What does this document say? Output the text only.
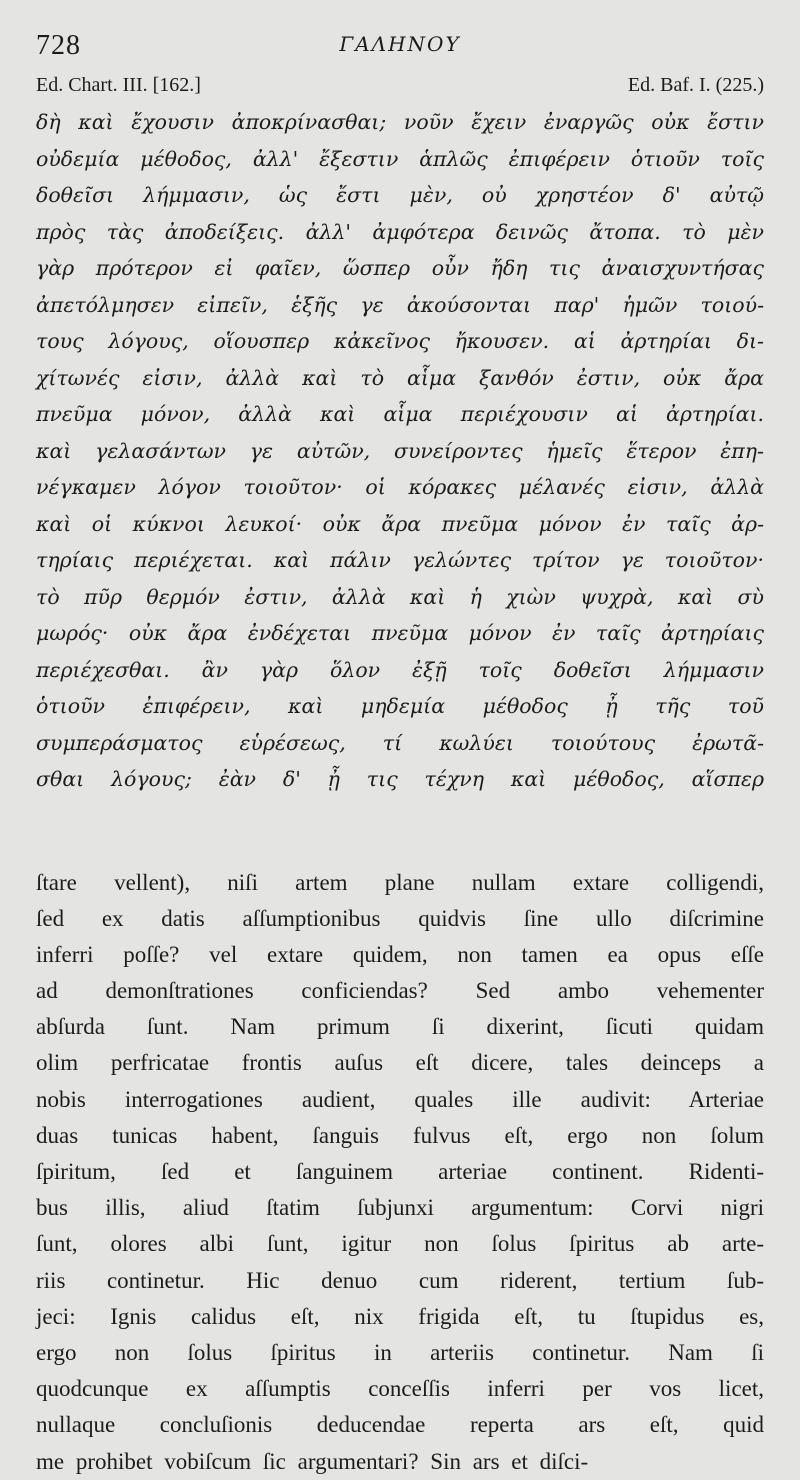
728	ΓΑΛΗΝΟΥ
Ed. Chart. III. [162.]	Ed. Baf. I. (225.)
δὴ καὶ ἔχουσιν ἀποκρίνασθαι; νοῦν ἔχειν ἐναργῶς οὐκ ἔστιν
οὐδεμία μέθοδος, ἀλλ' ἔξεστιν ἁπλῶς ἐπιφέρειν ὁτιοῦν τοῖς
δοθεῖσι λήμμασιν, ὡς ἔστι μὲν, οὐ χρηστέον δ' αὐτῷ
πρὸς τὰς ἀποδείξεις. ἀλλ' ἀμφότερα δεινῶς ἄτοπα. τὸ μὲν
γὰρ πρότερον εἰ φαῖεν, ὥσπερ οὖν ἤδη τις ἀναισχυντήσας
ἀπετόλμησεν εἰπεῖν, ἑξῆς γε ἀκούσονται παρ' ἡμῶν τοιού-
τους λόγους, οἵουσπερ κἀκεῖνος ἤκουσεν. αἱ ἀρτηρίαι δι-
χίτωνές εἰσιν, ἀλλὰ καὶ τὸ αἷμα ξανθόν ἐστιν, οὐκ ἄρα
πνεῦμα μόνον, ἀλλὰ καὶ αἷμα περιέχουσιν αἱ ἀρτηρίαι.
καὶ γελασάντων γε αὐτῶν, συνείροντες ἡμεῖς ἕτερον ἐπη-
νέγκαμεν λόγον τοιοῦτον· οἱ κόρακες μέλανές εἰσιν, ἀλλὰ
καὶ οἱ κύκνοι λευκοί· οὐκ ἄρα πνεῦμα μόνον ἐν ταῖς ἀρ-
τηρίαις περιέχεται. καὶ πάλιν γελώντες τρίτον γε τοιοῦτον·
τὸ πῦρ θερμόν ἐστιν, ἀλλὰ καὶ ἡ χιὼν ψυχρὰ, καὶ σὺ
μωρός· οὐκ ἄρα ἐνδέχεται πνεῦμα μόνον ἐν ταῖς ἀρτηρίαις
περιέχεσθαι. ἂν γὰρ ὅλον ἐξῇ τοῖς δοθεῖσι λήμμασιν
ὁτιοῦν ἐπιφέρειν, καὶ μηδεμία μέθοδος ᾖ τῆς τοῦ
συμπεράσματος εὑρέσεως, τί κωλύει τοιούτους ἐρωτᾶ-
σθαι λόγους; ἐὰν δ' ᾖ τις τέχνη καὶ μέθοδος, αἵσπερ
ſtare vellent), niſi artem plane nullam extare colligendi,
ſed ex datis aſſumptionibus quidvis ſine ullo diſcrimine
inferri poſſe? vel extare quidem, non tamen ea opus eſſe
ad demonſtrationes conficiendas? Sed ambo vehementer
abſurda ſunt. Nam primum ſi dixerint, ſicuti quidam
olim perfricatae frontis auſus eſt dicere, tales deinceps a
nobis interrogationes audient, quales ille audivit: Arteriae
duas tunicas habent, ſanguis fulvus eſt, ergo non ſolum
ſpiritum, ſed et ſanguinem arteriae continent. Ridenti-
bus illis, aliud ſtatim ſubjunxi argumentum: Corvi nigri
ſunt, olores albi ſunt, igitur non ſolus ſpiritus ab arte-
riis continetur. Hic denuo cum riderent, tertium ſub-
jeci: Ignis calidus eſt, nix frigida eſt, tu ſtupidus es,
ergo non ſolus ſpiritus in arteriis continetur. Nam ſi
quodcunque ex aſſumptis conceſſis inferri per vos licet,
nullaque concluſionis deducendae reperta ars eſt, quid
me prohibet vobiſcum ſic argumentari? Sin ars et diſci-
